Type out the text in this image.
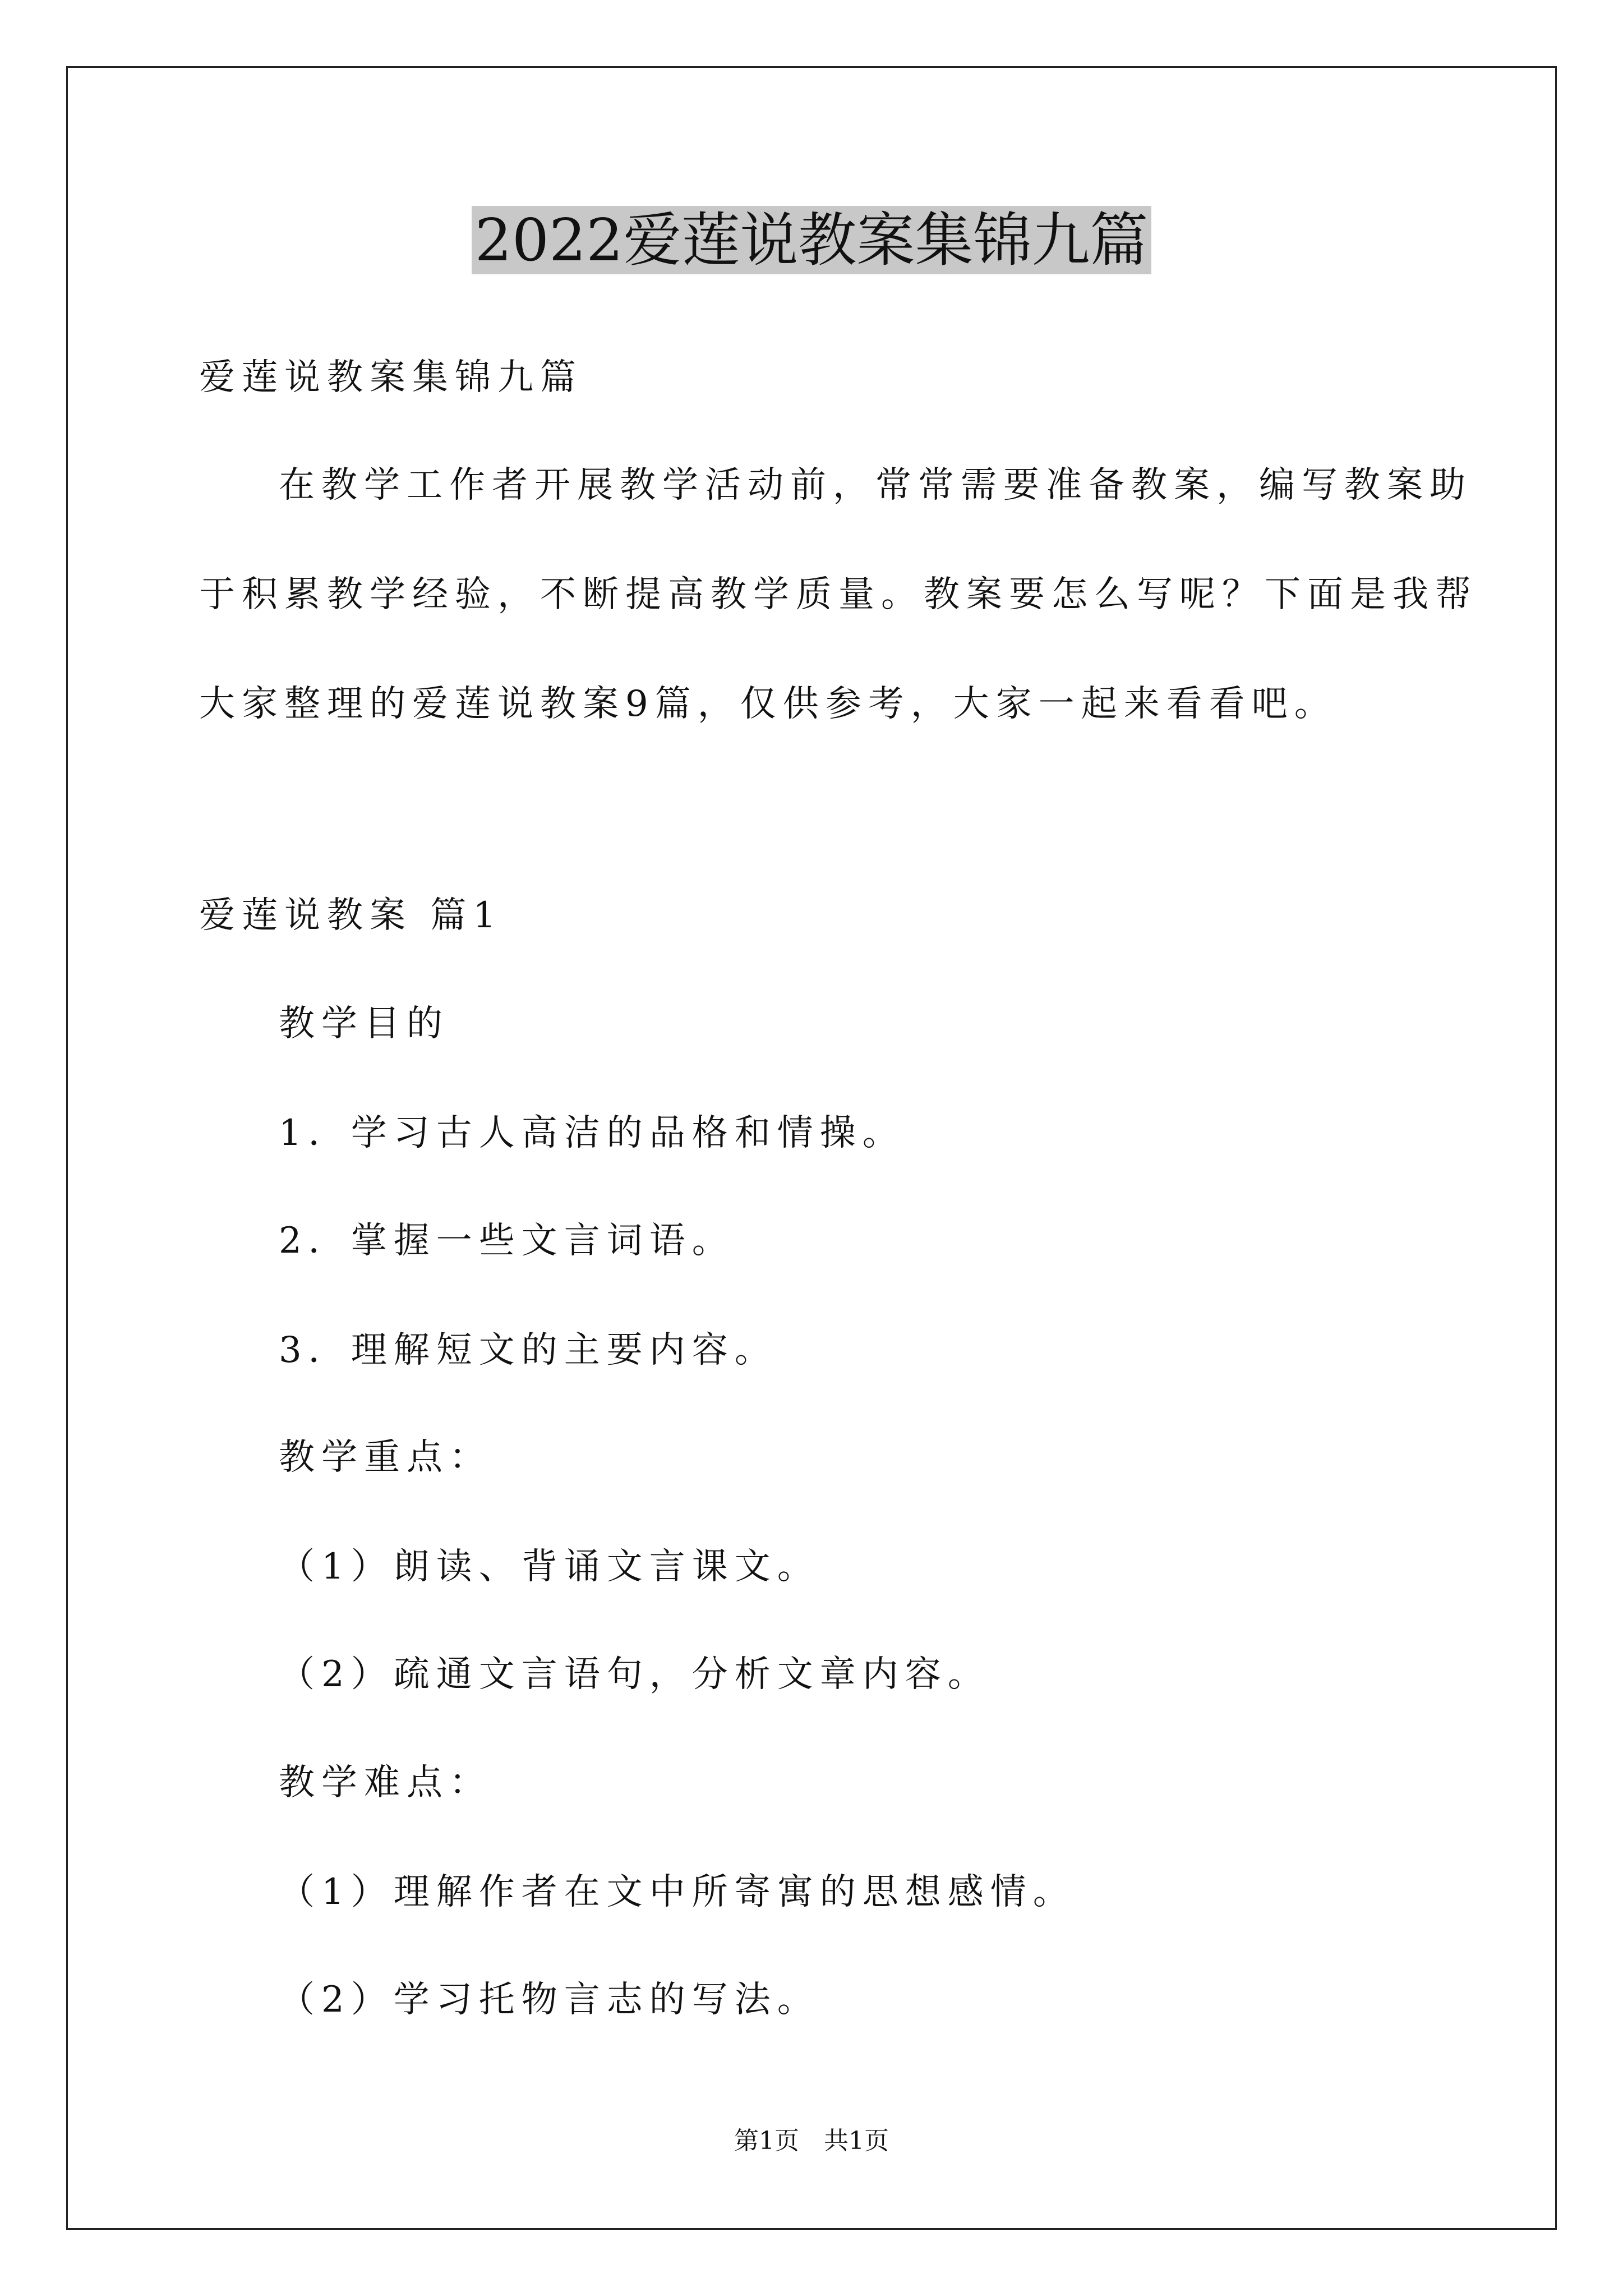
2022爱莲说教案集锦九篇
爱莲说教案集锦九篇
在教学工作者开展教学活动前，常常需要准备教案，编写教案助
于积累教学经验，不断提高教学质量。教案要怎么写呢？下面是我帮
大家整理的爱莲说教案9篇，仅供参考，大家一起来看看吧。
爱莲说教案 篇1
教学目的
1．学习古人高洁的品格和情操。
2．掌握一些文言词语。
3．理解短文的主要内容。
教学重点：
（1）朗读、背诵文言课文。
（2）疏通文言语句，分析文章内容。
教学难点：
（1）理解作者在文中所寄寓的思想感情。
（2）学习托物言志的写法。
第1页　共1页
